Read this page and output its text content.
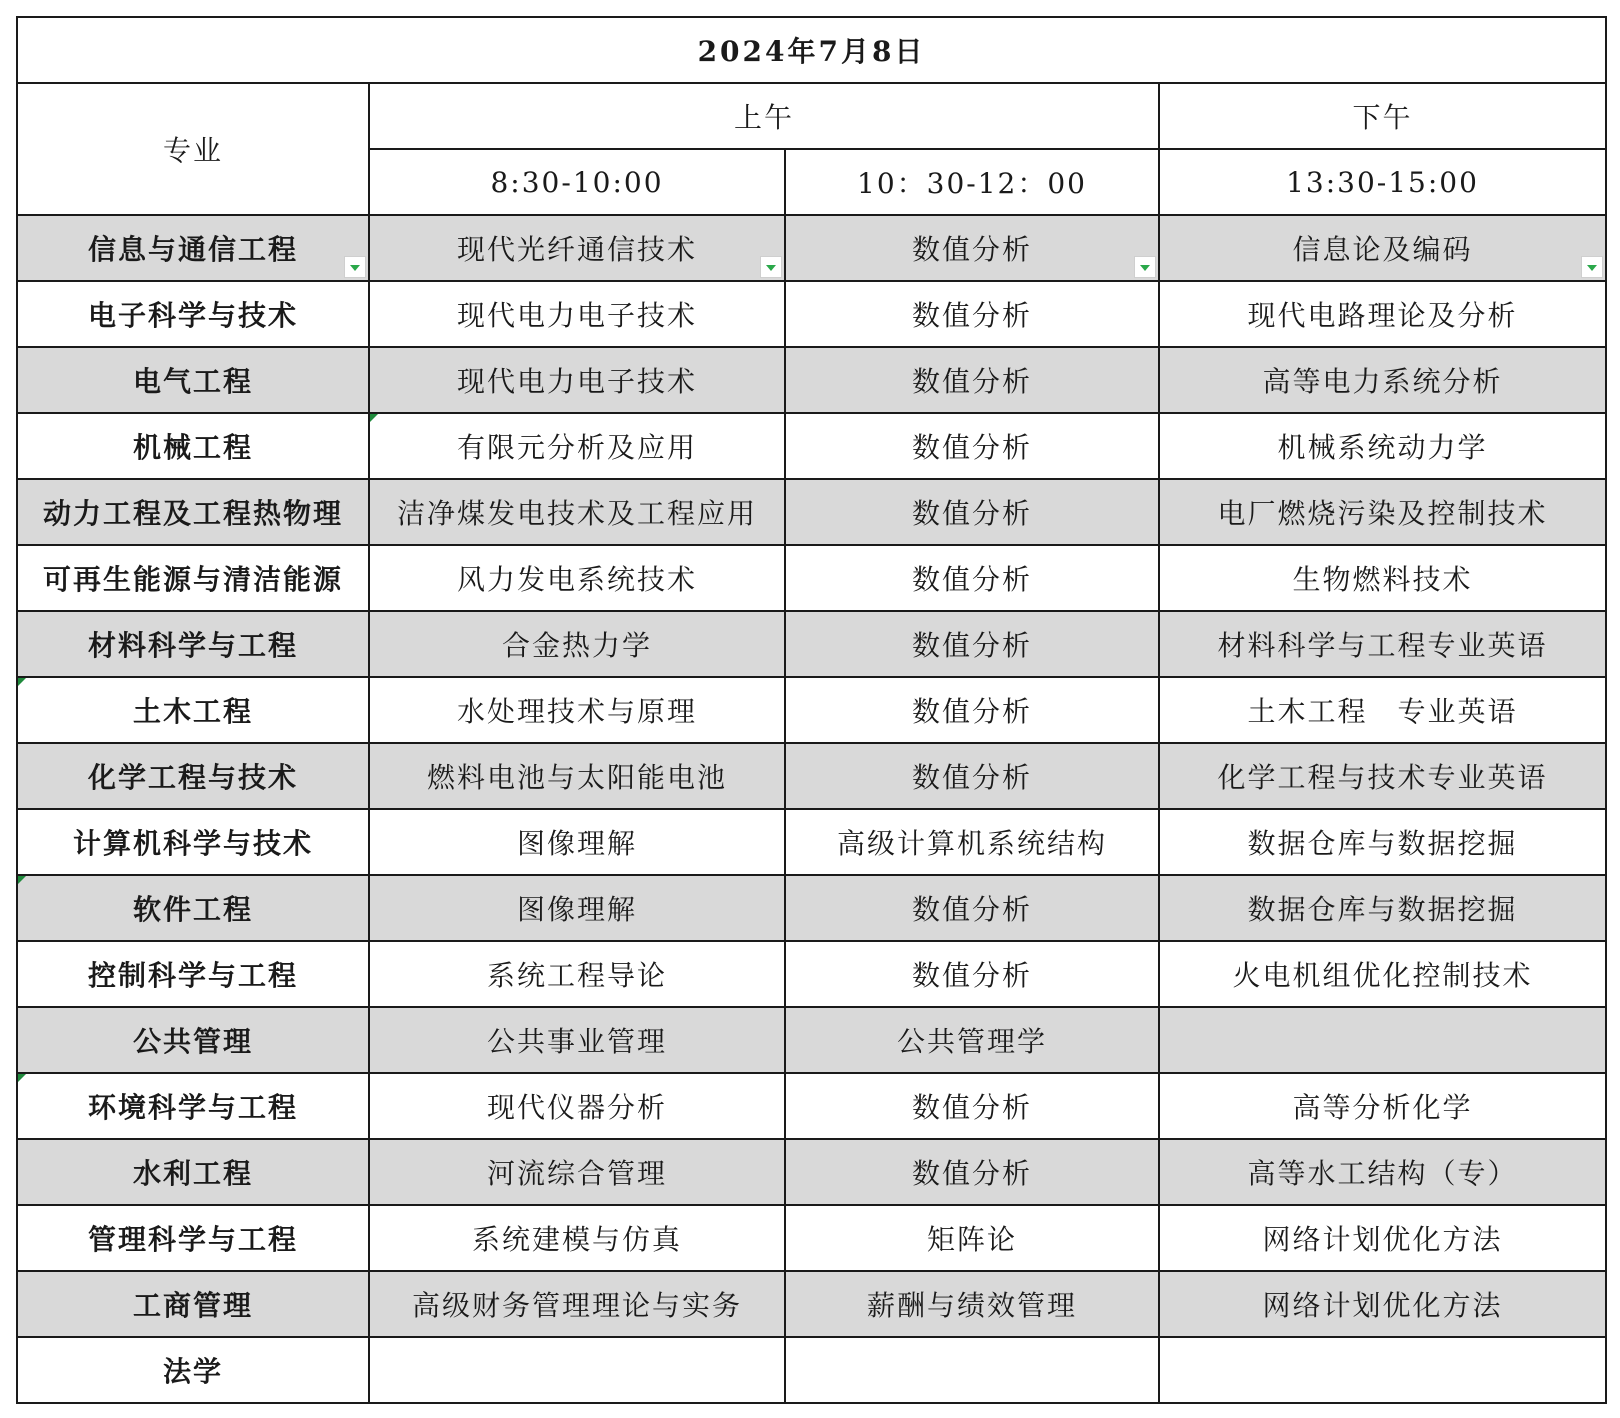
2024年7月8日			
专业	上午		下午
	8:30-10:00	10：30-12：00	13:30-15:00
信息与通信工程	现代光纤通信技术	数值分析	信息论及编码

电子科学与技术	现代电力电子技术	数值分析	现代电路理论及分析
电气工程	现代电力电子技术	数值分析	高等电力系统分析
机械工程	有限元分析及应用	数值分析	机械系统动力学
动力工程及工程热物理	洁净煤发电技术及工程应用	数值分析	电厂燃烧污染及控制技术
可再生能源与清洁能源	风力发电系统技术	数值分析	生物燃料技术
材料科学与工程	合金热力学	数值分析	材料科学与工程专业英语
土木工程	水处理技术与原理	数值分析	土木工程　专业英语
化学工程与技术	燃料电池与太阳能电池	数值分析	化学工程与技术专业英语
计算机科学与技术	图像理解	高级计算机系统结构	数据仓库与数据挖掘
软件工程	图像理解	数值分析	数据仓库与数据挖掘
控制科学与工程	系统工程导论	数值分析	火电机组优化控制技术
公共管理	公共事业管理	公共管理学	
环境科学与工程	现代仪器分析	数值分析	高等分析化学
水利工程	河流综合管理	数值分析	高等水工结构（专）
管理科学与工程	系统建模与仿真	矩阵论	网络计划优化方法
工商管理	高级财务管理理论与实务	薪酬与绩效管理	网络计划优化方法
法学			
